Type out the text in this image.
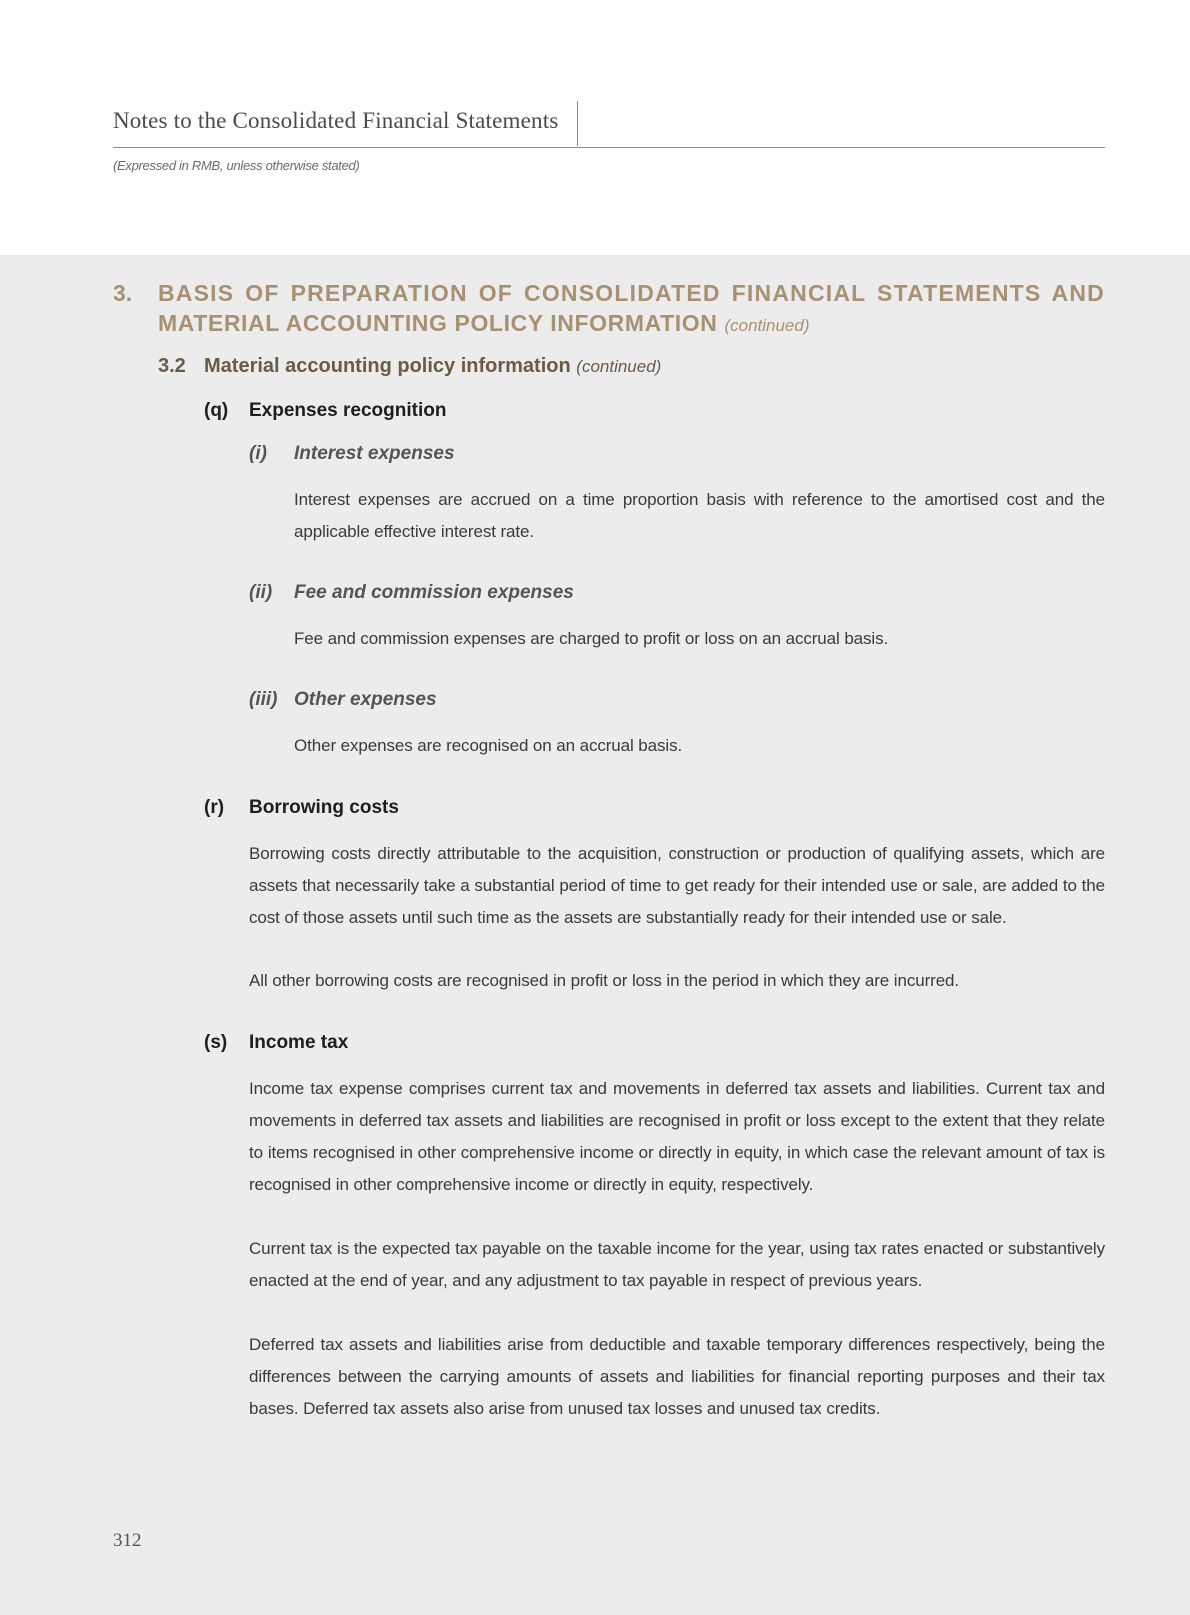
Notes to the Consolidated Financial Statements
(Expressed in RMB, unless otherwise stated)
3. BASIS OF PREPARATION OF CONSOLIDATED FINANCIAL STATEMENTS AND
MATERIAL ACCOUNTING POLICY INFORMATION (continued)
3.2 Material accounting policy information (continued)
(q) Expenses recognition
(i) Interest expenses
Interest expenses are accrued on a time proportion basis with reference to the amortised cost and the applicable effective interest rate.
(ii) Fee and commission expenses
Fee and commission expenses are charged to profit or loss on an accrual basis.
(iii) Other expenses
Other expenses are recognised on an accrual basis.
(r) Borrowing costs
Borrowing costs directly attributable to the acquisition, construction or production of qualifying assets, which are assets that necessarily take a substantial period of time to get ready for their intended use or sale, are added to the cost of those assets until such time as the assets are substantially ready for their intended use or sale.
All other borrowing costs are recognised in profit or loss in the period in which they are incurred.
(s) Income tax
Income tax expense comprises current tax and movements in deferred tax assets and liabilities. Current tax and movements in deferred tax assets and liabilities are recognised in profit or loss except to the extent that they relate to items recognised in other comprehensive income or directly in equity, in which case the relevant amount of tax is recognised in other comprehensive income or directly in equity, respectively.
Current tax is the expected tax payable on the taxable income for the year, using tax rates enacted or substantively enacted at the end of year, and any adjustment to tax payable in respect of previous years.
Deferred tax assets and liabilities arise from deductible and taxable temporary differences respectively, being the differences between the carrying amounts of assets and liabilities for financial reporting purposes and their tax bases. Deferred tax assets also arise from unused tax losses and unused tax credits.
312
